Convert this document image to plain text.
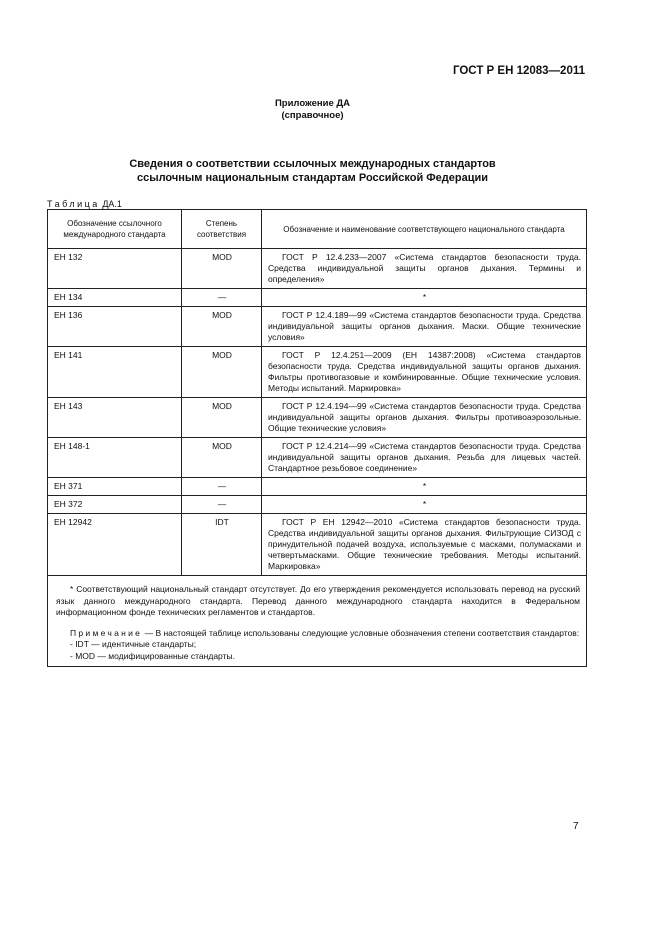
ГОСТ Р ЕН 12083—2011
Приложение ДА
(справочное)
Сведения о соответствии ссылочных международных стандартов
ссылочным национальным стандартам Российской Федерации
Таблица ДА.1
Обозначение ссылочного международного стандарта	Степень соответствия	Обозначение и наименование соответствующего национального стандарта
ЕН 132	MOD	ГОСТ Р 12.4.233—2007 «Система стандартов безопасности труда. Средства индивидуальной защиты органов дыхания. Термины и определения»
ЕН 134	—	*
ЕН 136	MOD	ГОСТ Р 12.4.189—99 «Система стандартов безопасности труда. Средства индивидуальной защиты органов дыхания. Маски. Общие технические условия»
ЕН 141	MOD	ГОСТ Р 12.4.251—2009 (ЕН 14387:2008) «Система стандартов безопасности труда. Средства индивидуальной защиты органов дыхания. Фильтры противогазовые и комбинированные. Общие технические условия. Методы испытаний. Маркировка»
ЕН 143	MOD	ГОСТ Р 12.4.194—99 «Система стандартов безопасности труда. Средства индивидуальной защиты органов дыхания. Фильтры противоаэрозольные. Общие технические условия»
ЕН 148-1	MOD	ГОСТ Р 12.4.214—99 «Система стандартов безопасности труда. Средства индивидуальной защиты органов дыхания. Резьба для лицевых частей. Стандартное резьбовое соединение»
ЕН 371	—	*
ЕН 372	—	*
ЕН 12942	IDT	ГОСТ Р ЕН 12942—2010 «Система стандартов безопасности труда. Средства индивидуальной защиты органов дыхания. Фильтрующие СИЗОД с принудительной подачей воздуха, используемые с масками, полумасками и четвертьмасками. Общие технические требования. Методы испытаний. Маркировка»

* Соответствующий национальный стандарт отсутствует. До его утверждения рекомендуется использовать перевод на русский язык данного международного стандарта. Перевод данного международного стандарта находится в Федеральном информационном фонде технических регламентов и стандартов.

Примечание — В настоящей таблице использованы следующие условные обозначения степени соответствия стандартов:

- IDT — идентичные стандарты;

- MOD — модифицированные стандарты.		

7
